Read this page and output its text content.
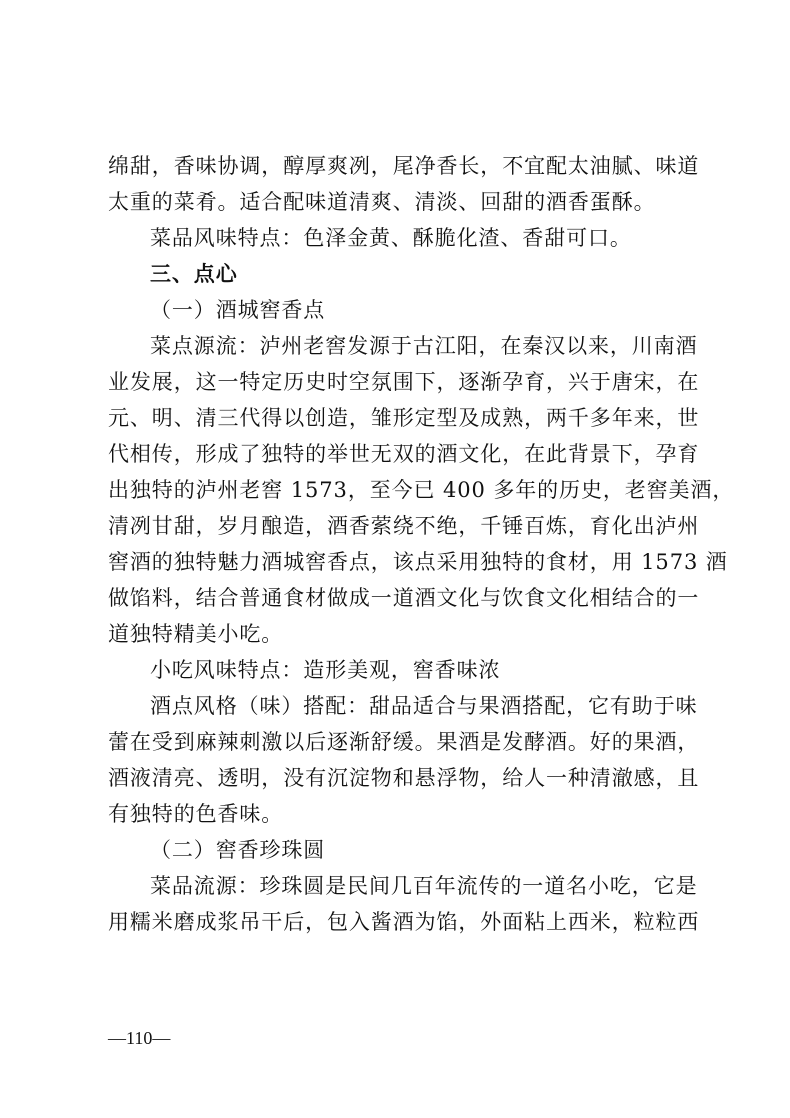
绵甜，香味协调，醇厚爽冽，尾净香长，不宜配太油腻、味道
太重的菜肴。适合配味道清爽、清淡、回甜的酒香蛋酥。
菜品风味特点：色泽金黄、酥脆化渣、香甜可口。
三、点心
（一）酒城窖香点
菜点源流：泸州老窖发源于古江阳，在秦汉以来，川南酒
业发展，这一特定历史时空氛围下，逐渐孕育，兴于唐宋，在
元、明、清三代得以创造，雏形定型及成熟，两千多年来，世
代相传，形成了独特的举世无双的酒文化，在此背景下，孕育
出独特的泸州老窖 1573，至今已 400 多年的历史，老窖美酒，
清冽甘甜，岁月酿造，酒香萦绕不绝，千锤百炼，育化出泸州
窖酒的独特魅力酒城窖香点，该点采用独特的食材，用 1573 酒
做馅料，结合普通食材做成一道酒文化与饮食文化相结合的一
道独特精美小吃。
小吃风味特点：造形美观，窖香味浓
酒点风格（味）搭配：甜品适合与果酒搭配，它有助于味
蕾在受到麻辣刺激以后逐渐舒缓。果酒是发酵酒。好的果酒，
酒液清亮、透明，没有沉淀物和悬浮物，给人一种清澈感，且
有独特的色香味。
（二）窖香珍珠圆
菜品流源：珍珠圆是民间几百年流传的一道名小吃，它是
用糯米磨成浆吊干后，包入酱酒为馅，外面粘上西米，粒粒西
—110—
